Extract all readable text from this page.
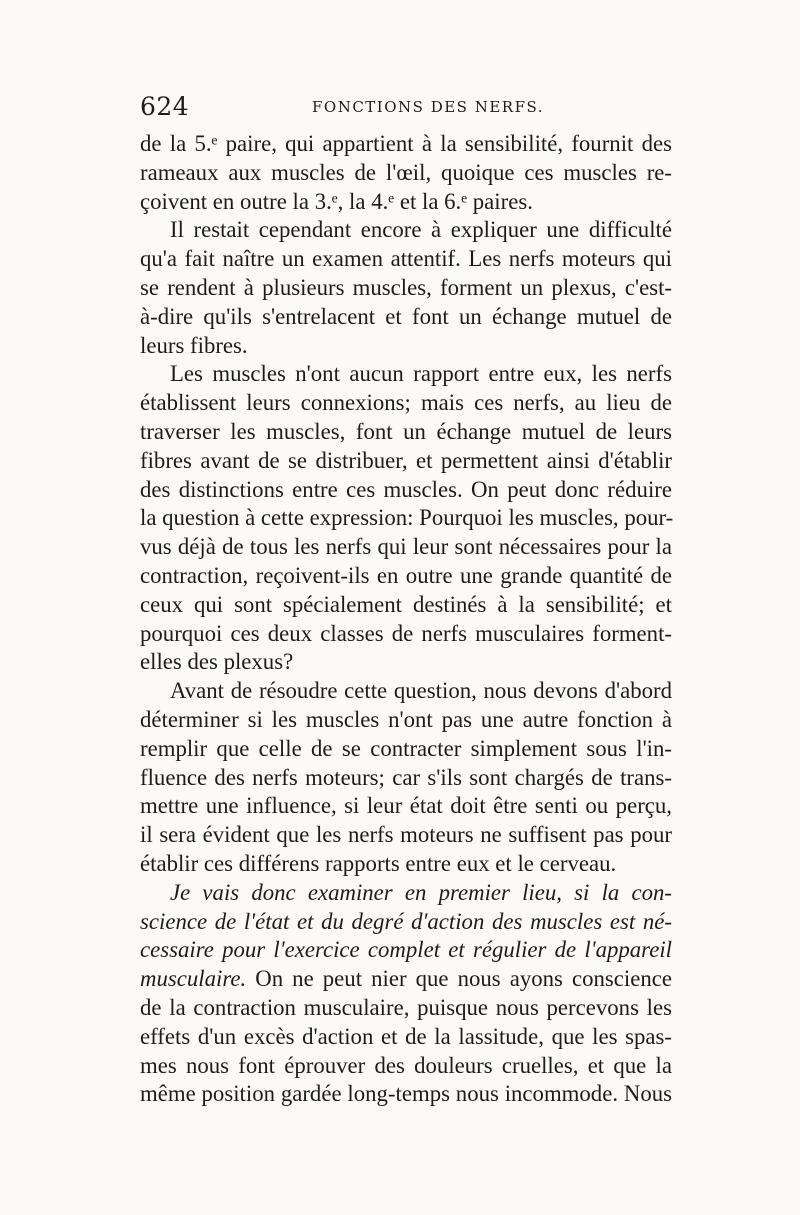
624	FONCTIONS DES NERFS.
de la 5.ᵉ paire, qui appartient à la sensibilité, fournit des
rameaux aux muscles de l'œil, quoique ces muscles re-
çoivent en outre la 3.ᵉ, la 4.ᵉ et la 6.ᵉ paires.
Il restait cependant encore à expliquer une difficulté
qu'a fait naître un examen attentif. Les nerfs moteurs qui
se rendent à plusieurs muscles, forment un plexus, c'est-
à-dire qu'ils s'entrelacent et font un échange mutuel de
leurs fibres.
Les muscles n'ont aucun rapport entre eux, les nerfs
établissent leurs connexions; mais ces nerfs, au lieu de
traverser les muscles, font un échange mutuel de leurs
fibres avant de se distribuer, et permettent ainsi d'établir
des distinctions entre ces muscles. On peut donc réduire
la question à cette expression: Pourquoi les muscles, pour-
vus déjà de tous les nerfs qui leur sont nécessaires pour la
contraction, reçoivent-ils en outre une grande quantité de
ceux qui sont spécialement destinés à la sensibilité; et
pourquoi ces deux classes de nerfs musculaires forment-
elles des plexus?
Avant de résoudre cette question, nous devons d'abord
déterminer si les muscles n'ont pas une autre fonction à
remplir que celle de se contracter simplement sous l'in-
fluence des nerfs moteurs; car s'ils sont chargés de trans-
mettre une influence, si leur état doit être senti ou perçu,
il sera évident que les nerfs moteurs ne suffisent pas pour
établir ces différens rapports entre eux et le cerveau.
Je vais donc examiner en premier lieu, si la con-
science de l'état et du degré d'action des muscles est né-
cessaire pour l'exercice complet et régulier de l'appareil
musculaire. On ne peut nier que nous ayons conscience
de la contraction musculaire, puisque nous percevons les
effets d'un excès d'action et de la lassitude, que les spas-
mes nous font éprouver des douleurs cruelles, et que la
même position gardée long-temps nous incommode. Nous
